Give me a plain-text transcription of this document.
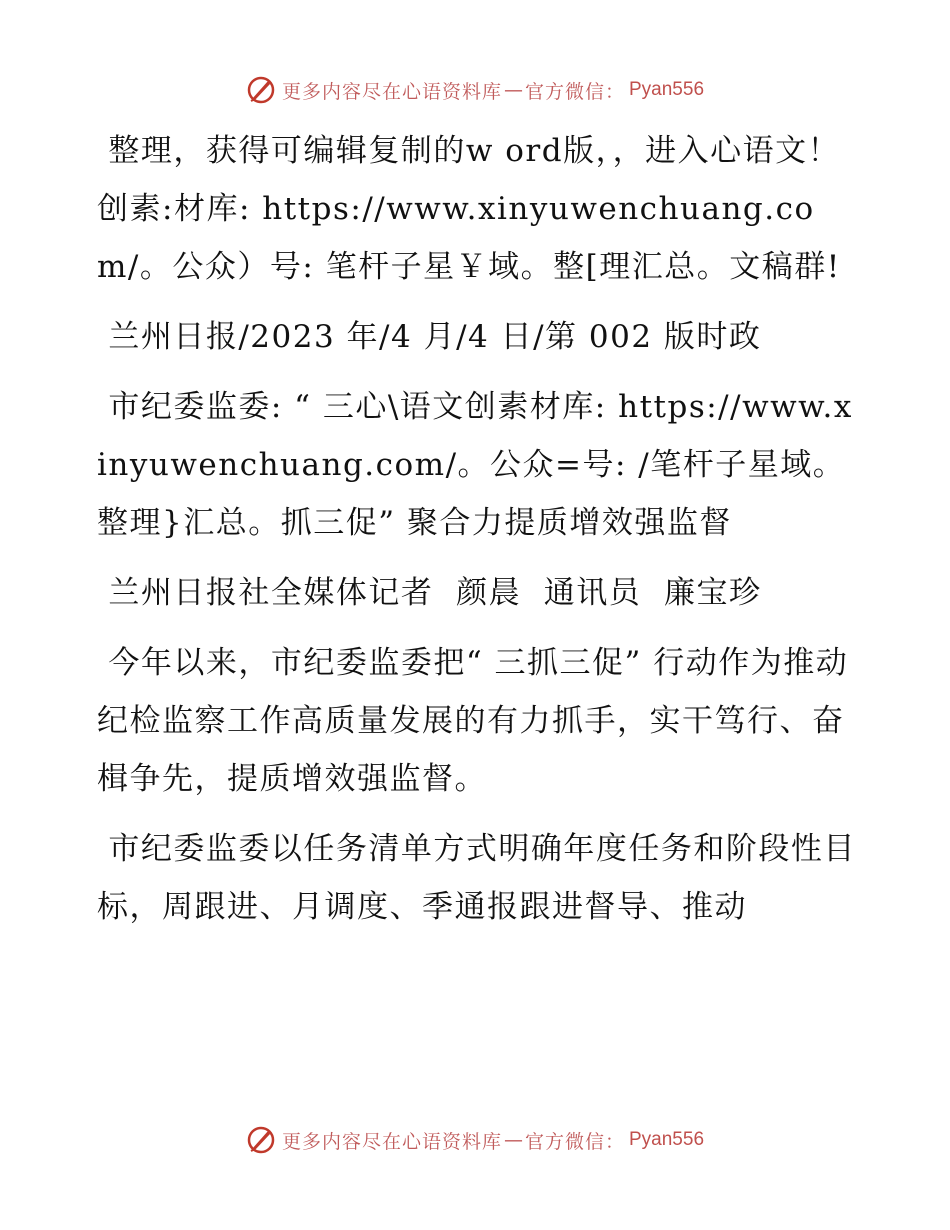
更多内容尽在心语资料库 — 官方微信： Pyan556

整理，获得可编辑复制的w ord版，，进入心语文！创素:材库: https://www.xinyuwenchuang.com/。公众）号: 笔杆子星￥域。整[理汇总。文稿群!

兰州日报/2023 年/4 月/4 日/第 002 版时政

市纪委监委: “ 三心\语文创素材库: https://www.xinyuwenchuang.com/。公众=号: /笔杆子星域。整理}汇总。抓三促” 聚合力提质增效强监督

兰州日报社全媒体记者  颜晨  通讯员  廉宝珍

今年以来，市纪委监委把“ 三抓三促” 行动作为推动纪检监察工作高质量发展的有力抓手，实干笃行、奋楫争先，提质增效强监督。

市纪委监委以任务清单方式明确年度任务和阶段性目标，周跟进、月调度、季通报跟进督导、推动

更多内容尽在心语资料库 — 官方微信： Pyan556
